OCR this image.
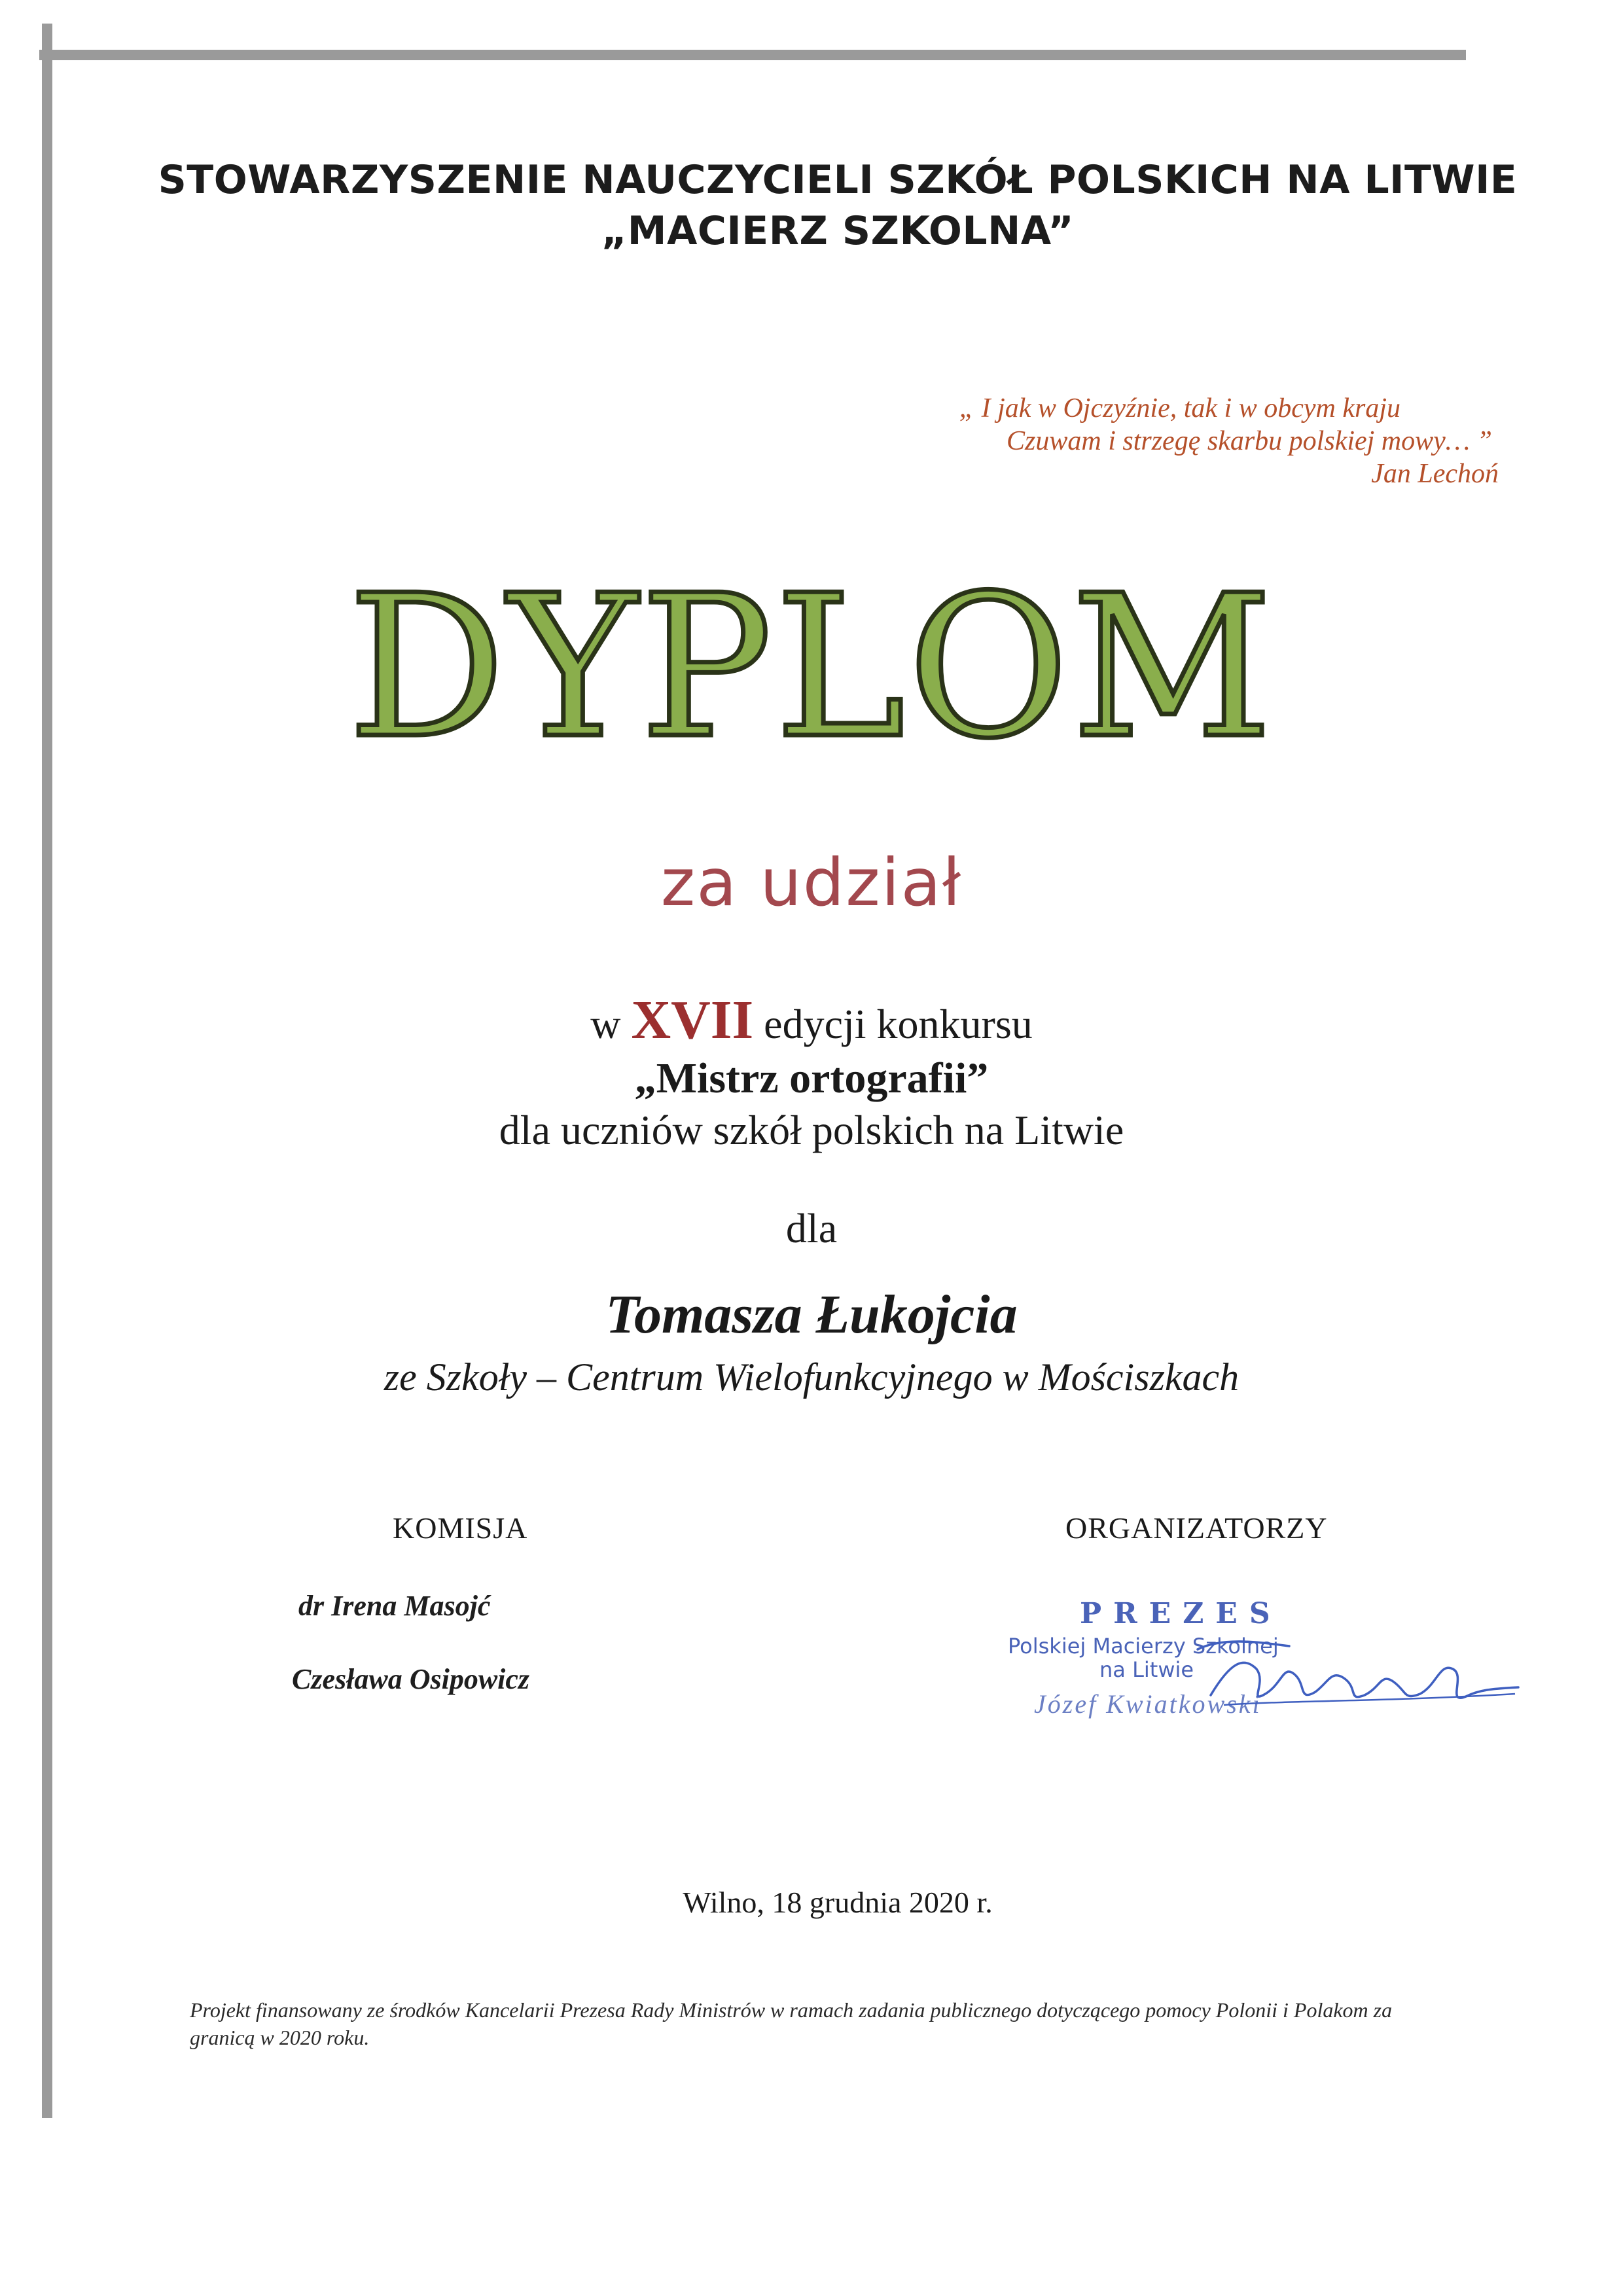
STOWARZYSZENIE NAUCZYCIELI SZKÓŁ POLSKICH NA LITWIE
„MACIERZ SZKOLNA”
„ I jak w Ojczyźnie, tak i w obcym kraju
Czuwam i strzegę skarbu polskiej mowy… ”
Jan Lechoń
DYPLOM
za udział
w XVII edycji konkursu
„Mistrz ortografii”
dla uczniów szkół polskich na Litwie
dla
Tomasza Łukojcia
ze Szkoły – Centrum Wielofunkcyjnego w Mościszkach
KOMISJA	ORGANIZATORZY
dr Irena Masojć
Czesława Osipowicz
PREZES
Polskiej Macierzy Szkolnej
na Litwie
Józef Kwiatkowski
Wilno, 18 grudnia 2020 r.
Projekt finansowany ze środków Kancelarii Prezesa Rady Ministrów w ramach zadania publicznego dotyczącego pomocy Polonii i Polakom za granicą w 2020 roku.
